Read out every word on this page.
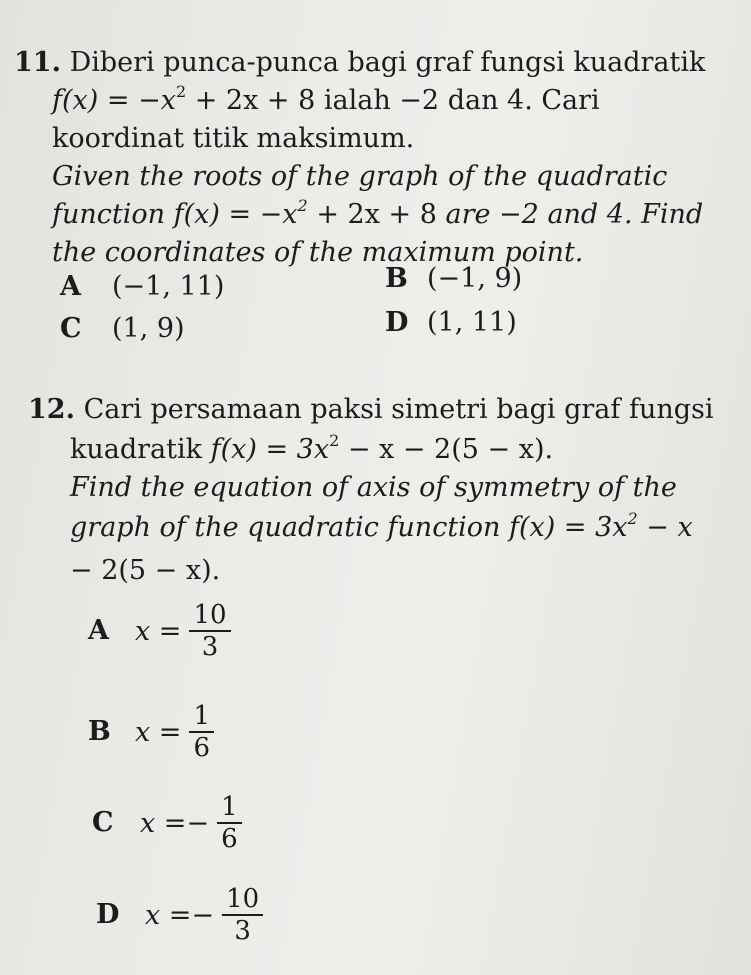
11. Diberi punca-punca bagi graf fungsi kuadratik
$f(x) = -x^2 + 2x + 8$ ialah −2 dan 4. Cari
koordinat titik maksimum.
Given the roots of the graph of the quadratic
function $f(x) = -x^2 + 2x + 8$ are −2 and 4. Find
the coordinates of the maximum point.
A (−1, 11)	B (−1, 9)
C (1, 9)	D (1, 11)
12. Cari persamaan paksi simetri bagi graf fungsi
kuadratik $f(x) = 3x^2 - x - 2(5 - x)$.
Find the equation of axis of symmetry of the
graph of the quadratic function $f(x) = 3x^2 - x$
− 2(5 − x).
A $x = \frac{10}{3}$
B $x = \frac{1}{6}$
C x = − $\frac{1}{6}$
D x = − $\frac{10}{3}$
